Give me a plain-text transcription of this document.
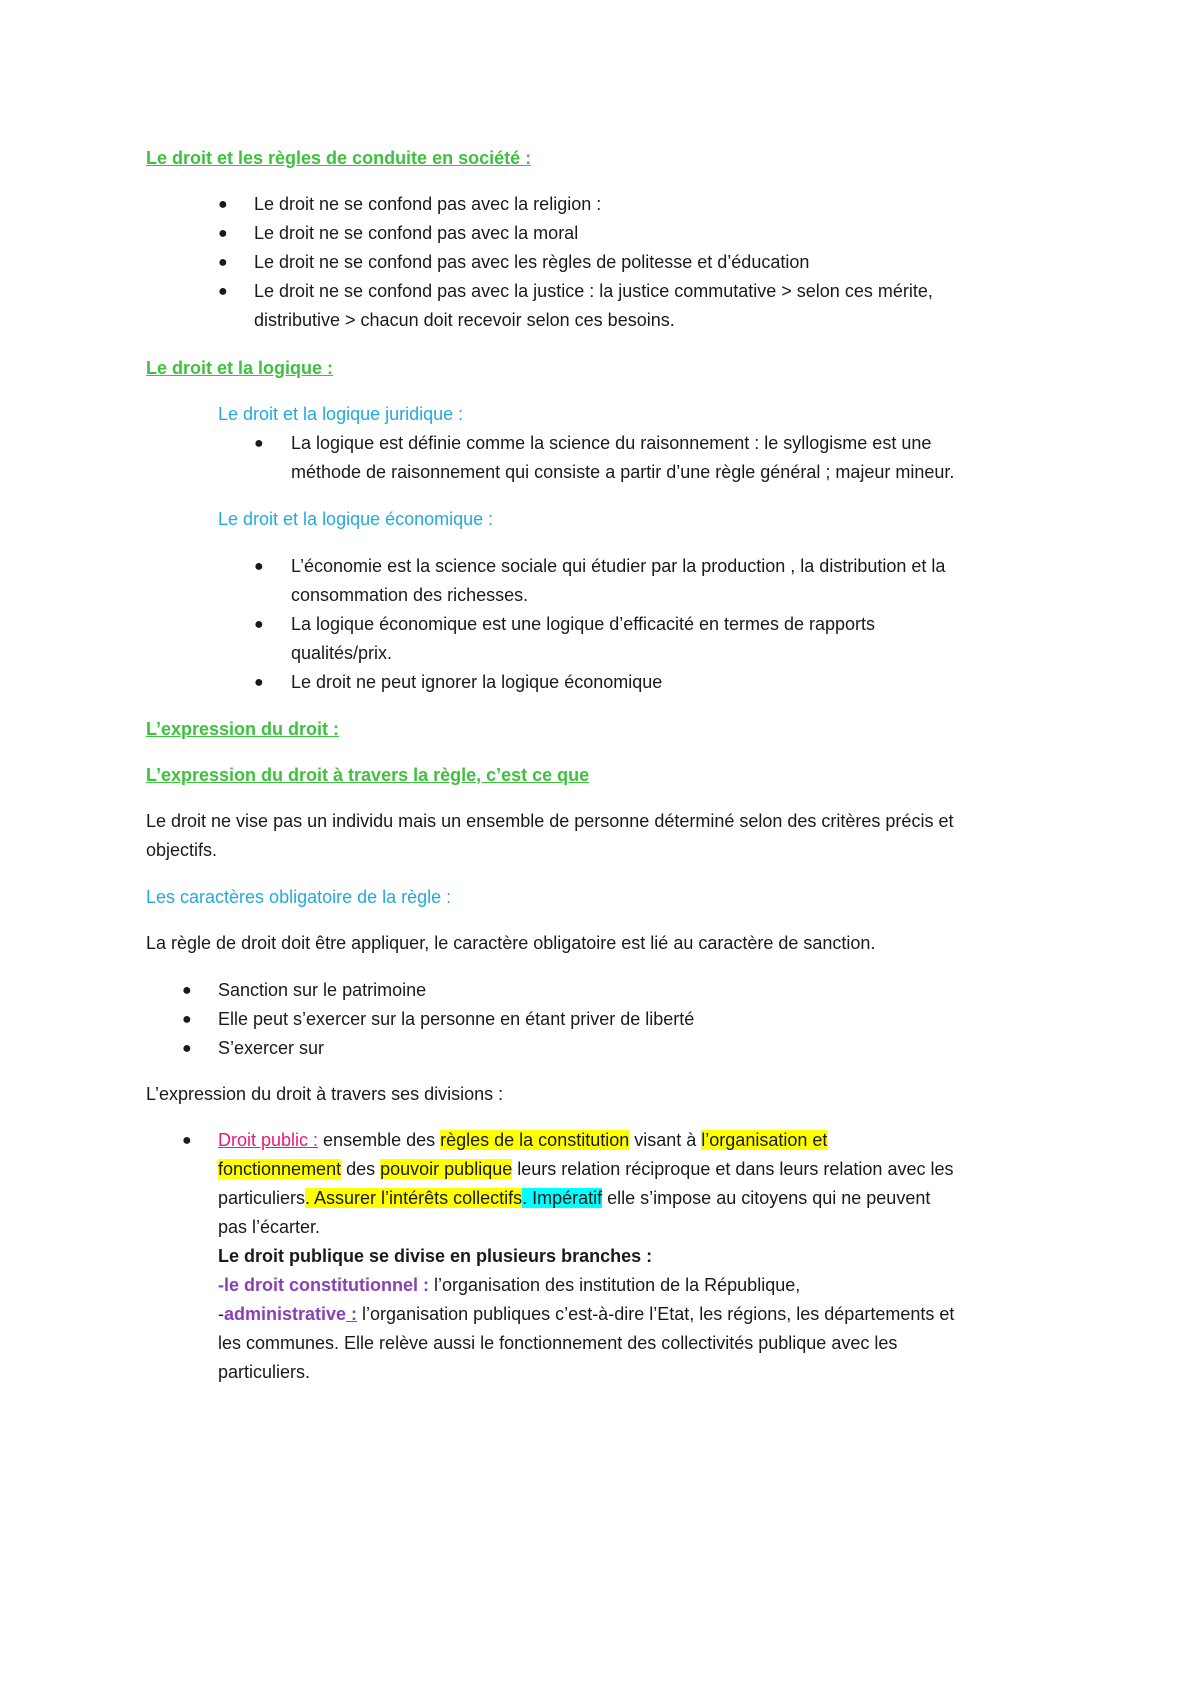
Le droit et les règles de conduite en société :
● Le droit ne se confond pas avec la religion :
● Le droit ne se confond pas avec la moral
● Le droit ne se confond pas avec les règles de politesse et d’éducation
● Le droit ne se confond pas avec la justice : la justice commutative > selon ces mérite,
distributive > chacun doit recevoir selon ces besoins.
Le droit et la logique :
Le droit et la logique juridique :
● La logique est définie comme la science du raisonnement : le syllogisme est une
méthode de raisonnement qui consiste a partir d’une règle général ; majeur mineur.
Le droit et la logique économique :
● L’économie est la science sociale qui étudier par la production , la distribution et la
consommation des richesses.
● La logique économique est une logique d’efficacité en termes de rapports
qualités/prix.
● Le droit ne peut ignorer la logique économique
L’expression du droit :
L’expression du droit à travers la règle, c’est ce que
Le droit ne vise pas un individu mais un ensemble de personne déterminé selon des critères précis et
objectifs.
Les caractères obligatoire de la règle :
La règle de droit doit être appliquer, le caractère obligatoire est lié au caractère de sanction.
● Sanction sur le patrimoine
● Elle peut s’exercer sur la personne en étant priver de liberté
● S’exercer sur
L’expression du droit à travers ses divisions :
● Droit public : ensemble des règles de la constitution visant à l’organisation et
fonctionnement des pouvoir publique leurs relation réciproque et dans leurs relation avec les
particuliers. Assurer l’intérêts collectifs. Impératif elle s’impose au citoyens qui ne peuvent
pas l’écarter.
Le droit publique se divise en plusieurs branches :
-le droit constitutionnel : l’organisation des institution de la République,
-administrative : l’organisation publiques c’est-à-dire l’Etat, les régions, les départements et
les communes. Elle relève aussi le fonctionnement des collectivités publique avec les
particuliers.
